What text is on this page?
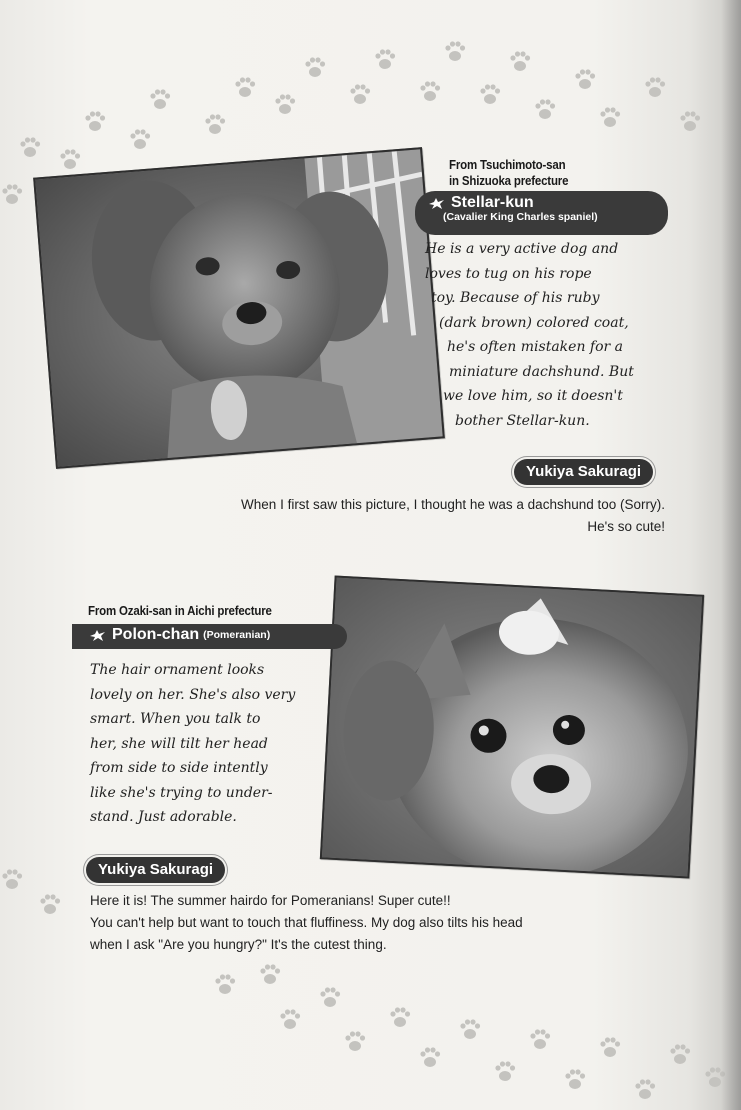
From Tsuchimoto-san
in Shizuoka prefecture
Stellar-kun
(Cavalier King Charles spaniel)
He is a very active dog and
loves to tug on his rope
toy. Because of his ruby
(dark brown) colored coat,
he's often mistaken for a
miniature dachshund. But
we love him, so it doesn't
bother Stellar-kun.
Yukiya Sakuragi
When I first saw this picture, I thought he was a dachshund too (Sorry).
He's so cute!
From Ozaki-san in Aichi prefecture
Polon-chan (Pomeranian)
The hair ornament looks
lovely on her. She's also very
smart. When you talk to
her, she will tilt her head
from side to side intently
like she's trying to under-
stand. Just adorable.
Yukiya Sakuragi
Here it is! The summer hairdo for Pomeranians! Super cute!!
You can't help but want to touch that fluffiness. My dog also tilts his head
when I ask "Are you hungry?" It's the cutest thing.
